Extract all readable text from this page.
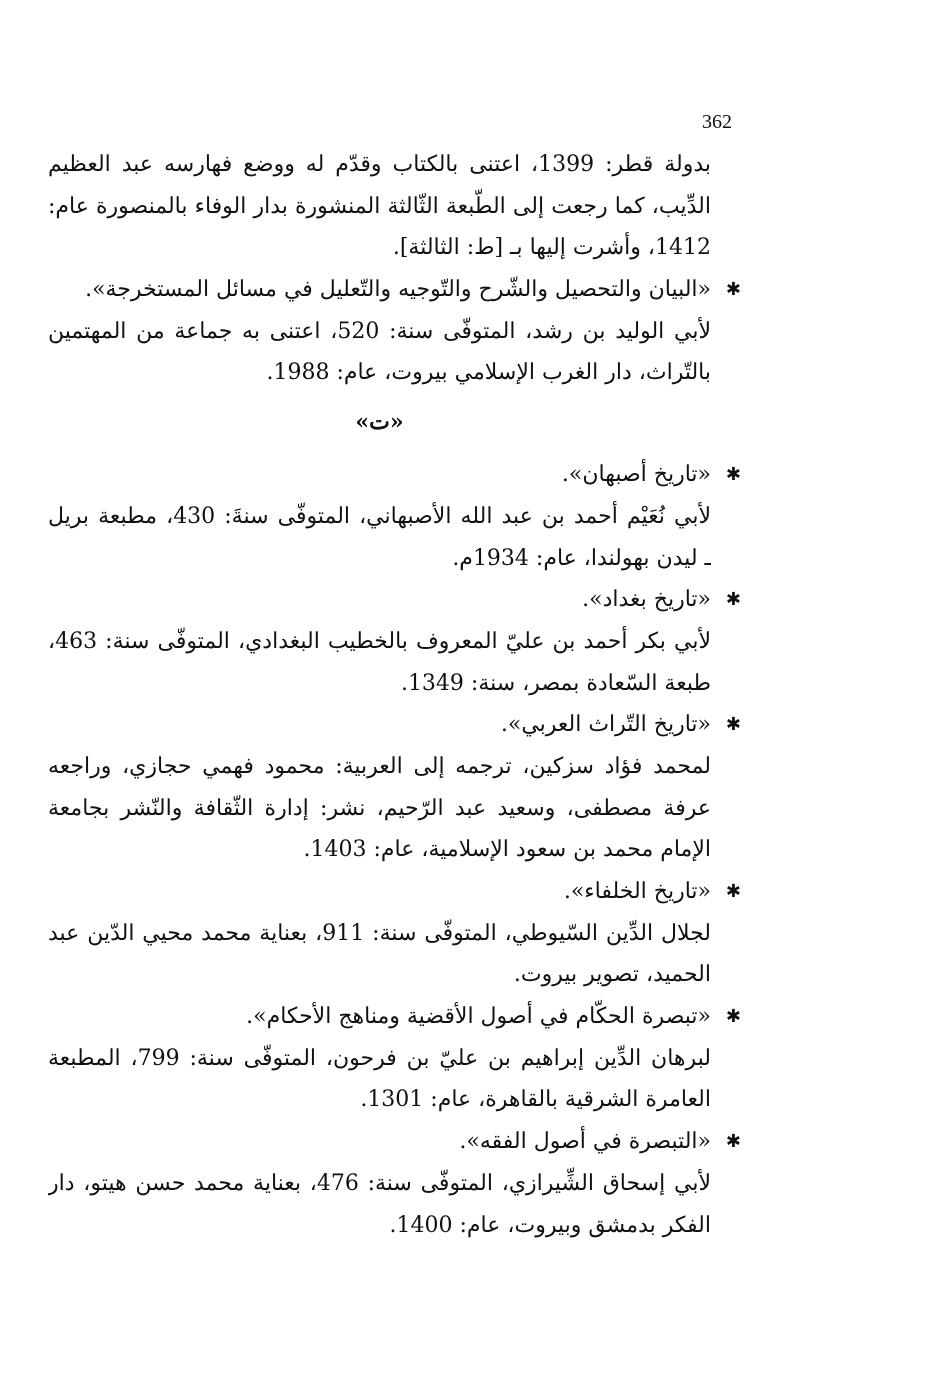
362
بدولة قطر: 1399، اعتنى بالكتاب وقدّم له ووضع فهارسه عبد العظيم
الدِّيب، كما رجعت إلى الطّبعة الثّالثة المنشورة بدار الوفاء بالمنصورة عام:
1412، وأشرت إليها بـ [ط: الثالثة].
✱
«البيان والتحصيل والشّرح والتّوجيه والتّعليل في مسائل المستخرجة».
لأبي الوليد بن رشد، المتوفّى سنة: 520، اعتنى به جماعة من المهتمين
بالتّراث، دار الغرب الإسلامي بيروت، عام: 1988.
«ت»
✱
«تاريخ أصبهان».
لأبي نُعَيْم أحمد بن عبد الله الأصبهاني، المتوفّى سنةَ: 430، مطبعة بريل
ـ ليدن بهولندا، عام: 1934م.
✱
«تاريخ بغداد».
لأبي بكر أحمد بن عليّ المعروف بالخطيب البغدادي، المتوفّى سنة: 463،
طبعة السّعادة بمصر، سنة: 1349.
✱
«تاريخ التّراث العربي».
لمحمد فؤاد سزكين، ترجمه إلى العربية: محمود فهمي حجازي، وراجعه
عرفة مصطفى، وسعيد عبد الرّحيم، نشر: إدارة الثّقافة والنّشر بجامعة
الإمام محمد بن سعود الإسلامية، عام: 1403.
✱
«تاريخ الخلفاء».
لجلال الدِّين السّيوطي، المتوفّى سنة: 911، بعناية محمد محيي الدّين عبد
الحميد، تصوير بيروت.
✱
«تبصرة الحكّام في أصول الأقضية ومناهج الأحكام».
لبرهان الدِّين إبراهيم بن عليّ بن فرحون، المتوفّى سنة: 799، المطبعة
العامرة الشرقية بالقاهرة، عام: 1301.
✱
«التبصرة في أصول الفقه».
لأبي إسحاق الشِّيرازي، المتوفّى سنة: 476، بعناية محمد حسن هيتو، دار
الفكر بدمشق وبيروت، عام: 1400.
